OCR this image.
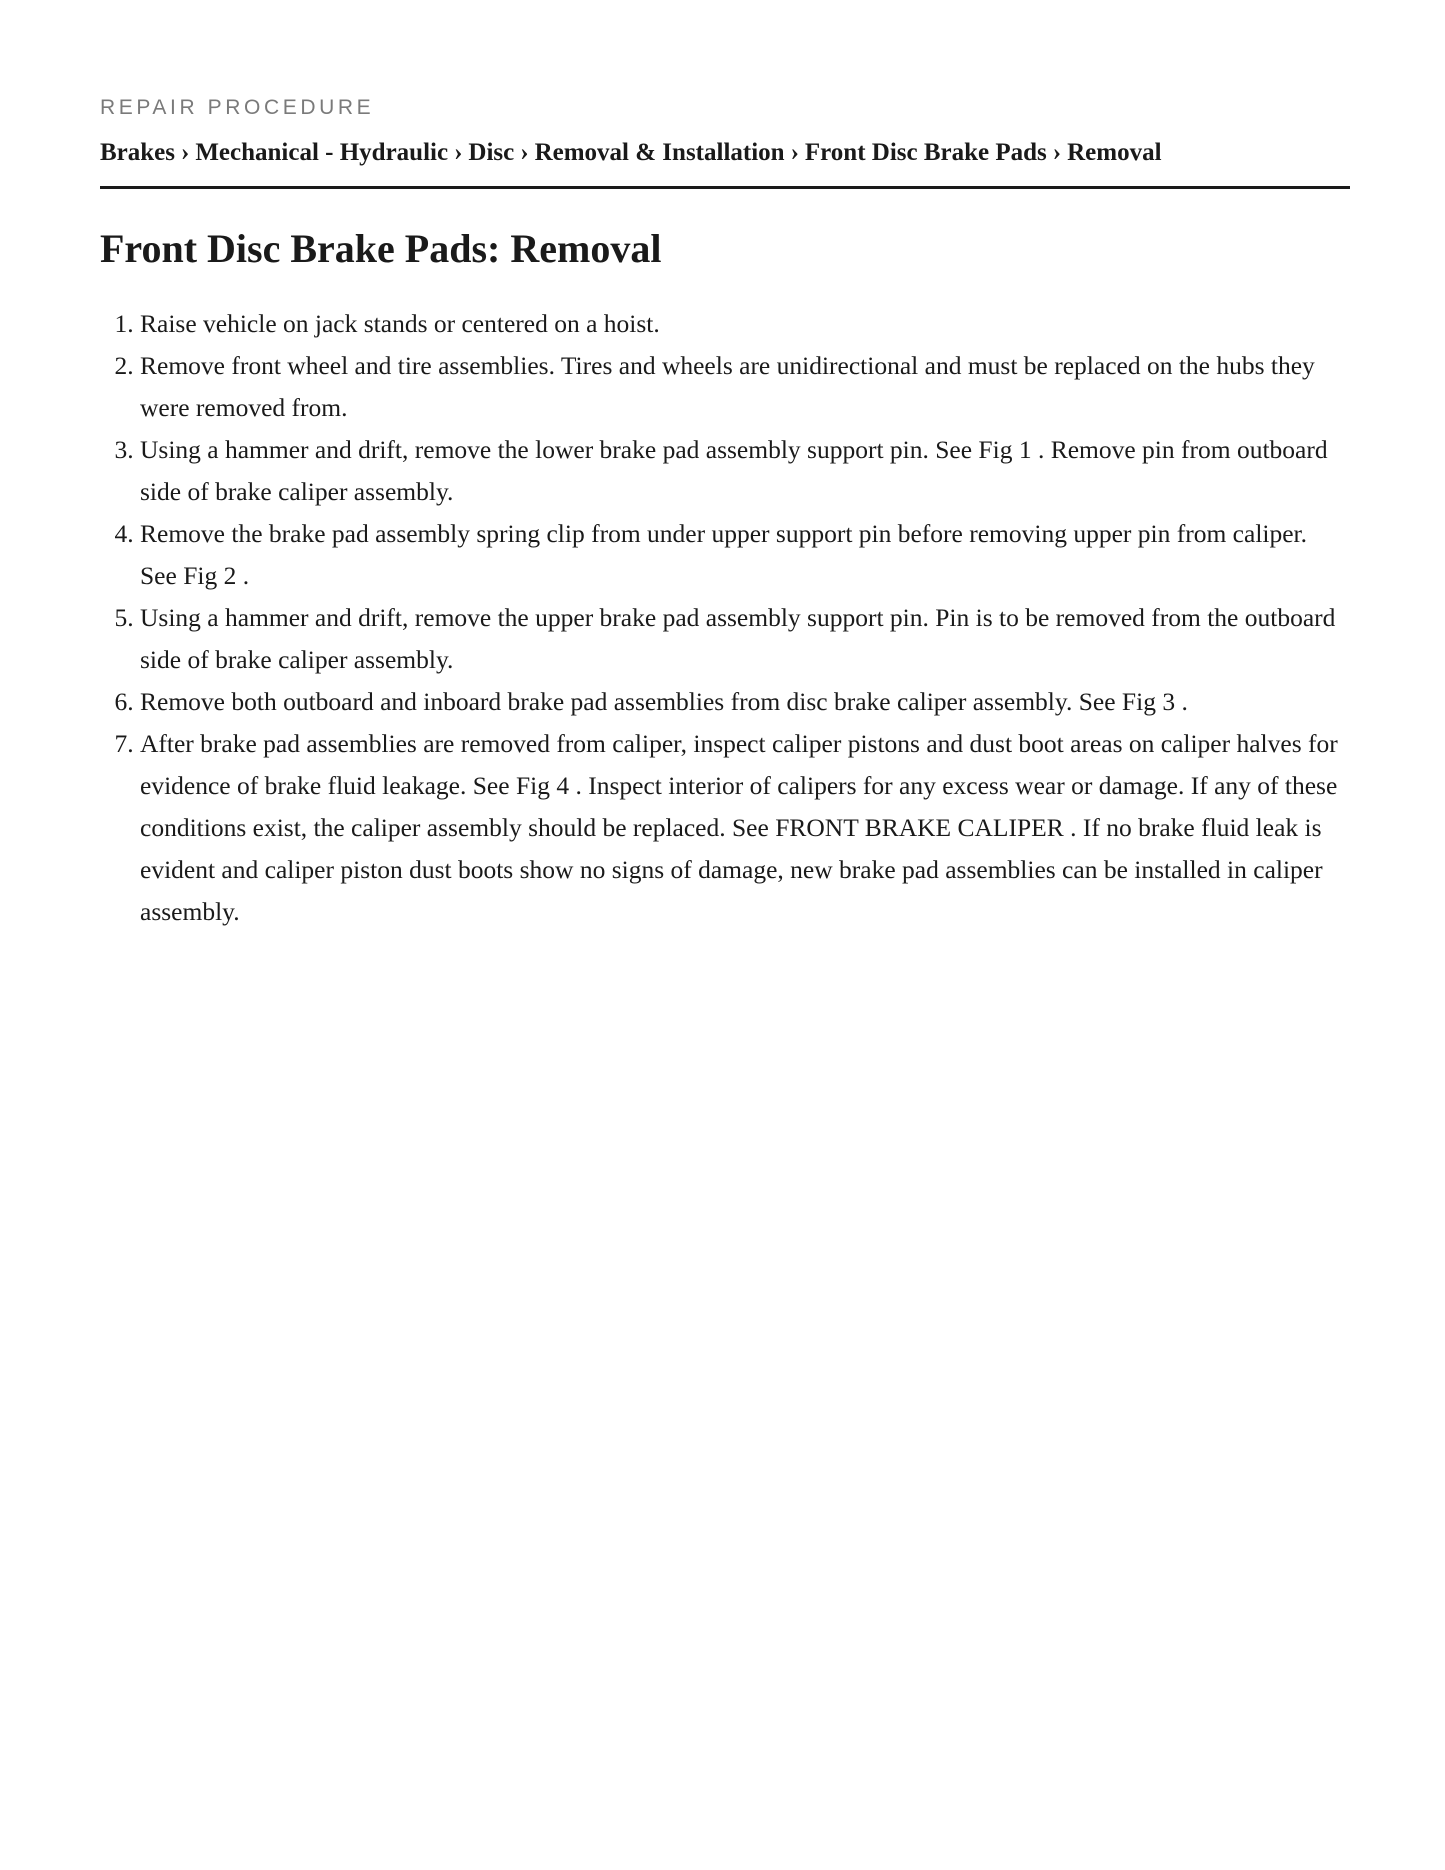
REPAIR PROCEDURE
Brakes › Mechanical - Hydraulic › Disc › Removal & Installation › Front Disc Brake Pads › Removal
Front Disc Brake Pads: Removal
1. Raise vehicle on jack stands or centered on a hoist.
2. Remove front wheel and tire assemblies. Tires and wheels are unidirectional and must be replaced on the hubs they were removed from.
3. Using a hammer and drift, remove the lower brake pad assembly support pin. See Fig 1 . Remove pin from outboard side of brake caliper assembly.
4. Remove the brake pad assembly spring clip from under upper support pin before removing upper pin from caliper. See Fig 2 .
5. Using a hammer and drift, remove the upper brake pad assembly support pin. Pin is to be removed from the outboard side of brake caliper assembly.
6. Remove both outboard and inboard brake pad assemblies from disc brake caliper assembly. See Fig 3 .
7. After brake pad assemblies are removed from caliper, inspect caliper pistons and dust boot areas on caliper halves for evidence of brake fluid leakage. See Fig 4 . Inspect interior of calipers for any excess wear or damage. If any of these conditions exist, the caliper assembly should be replaced. See FRONT BRAKE CALIPER . If no brake fluid leak is evident and caliper piston dust boots show no signs of damage, new brake pad assemblies can be installed in caliper assembly.
